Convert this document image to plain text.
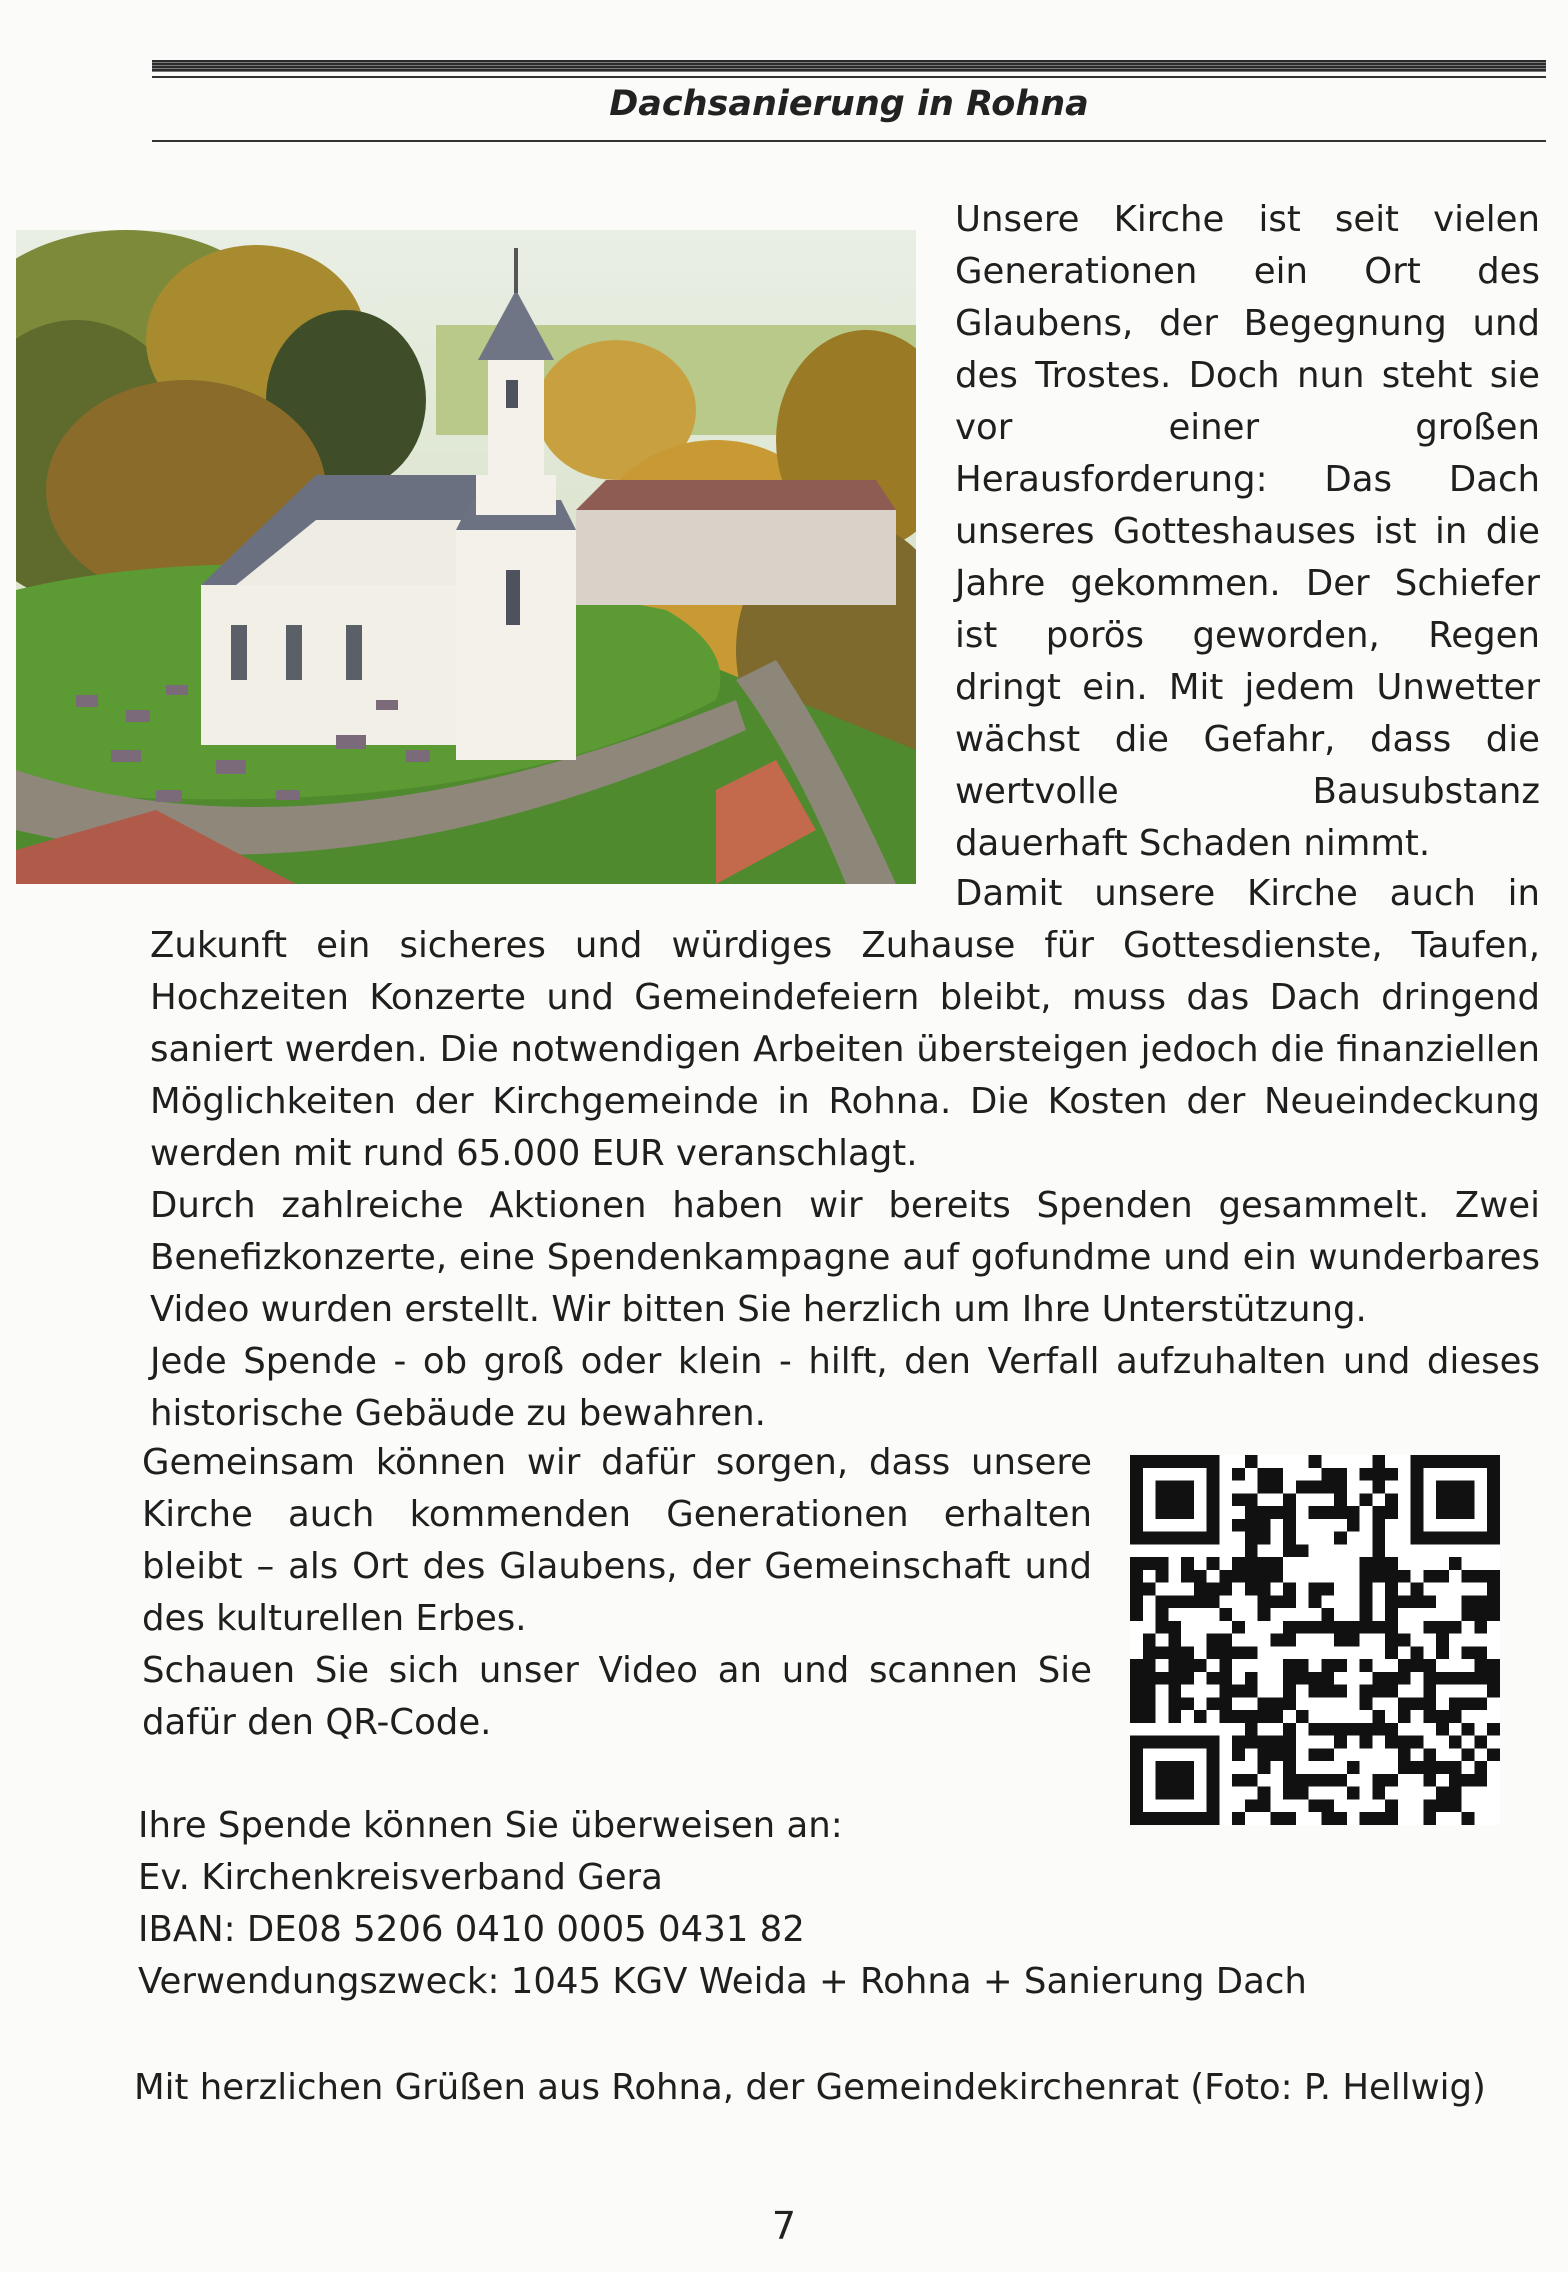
Dachsanierung in Rohna
Unsere Kirche ist seit vielen Generationen ein Ort des Glaubens, der Begegnung und des Trostes. Doch nun steht sie vor einer großen Herausforderung: Das Dach unseres Gotteshauses ist in die Jahre gekommen. Der Schiefer ist porös geworden, Regen dringt ein. Mit jedem Unwetter wächst die Gefahr, dass die wertvolle Bausubstanz dauerhaft Schaden nimmt.

Damit unsere Kirche auch in Zukunft ein sicheres und würdiges Zuhause für Gottesdienste, Taufen, Hochzeiten Konzerte und Gemeindefeiern bleibt, muss das Dach dringend saniert werden. Die notwendigen Arbeiten übersteigen jedoch die finanziellen Möglichkeiten der Kirchgemeinde in Rohna. Die Kosten der Neueindeckung werden mit rund 65.000 EUR veranschlagt.

Durch zahlreiche Aktionen haben wir bereits Spenden gesammelt. Zwei Benefizkonzerte, eine Spendenkampagne auf gofundme und ein wunderbares Video wurden erstellt. Wir bitten Sie herzlich um Ihre Unterstützung.

Jede Spende - ob groß oder klein - hilft, den Verfall aufzuhalten und dieses historische Gebäude zu bewahren.

Gemeinsam können wir dafür sorgen, dass unsere Kirche auch kommenden Generationen erhalten bleibt – als Ort des Glaubens, der Gemeinschaft und des kulturellen Erbes.

Schauen Sie sich unser Video an und scannen Sie dafür den QR-Code.

Ihre Spende können Sie überweisen an:

Ev. Kirchenkreisverband Gera

IBAN: DE08 5206 0410 0005 0431 82

Verwendungszweck: 1045 KGV Weida + Rohna + Sanierung Dach

Mit herzlichen Grüßen aus Rohna, der Gemeindekirchenrat (Foto: P. Hellwig)
7
